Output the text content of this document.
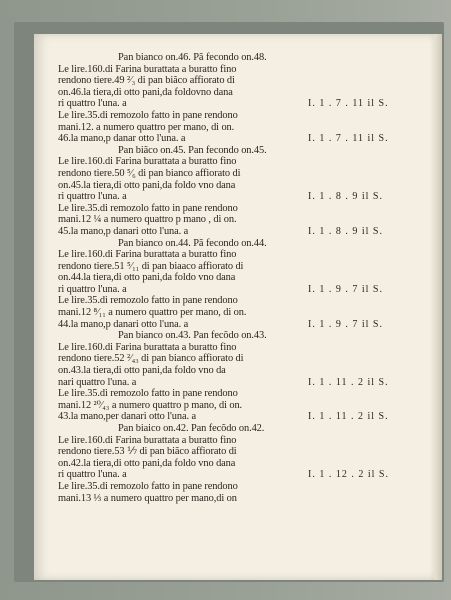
Pan bianco on.46. Pã fecondo on.48.
Le lire.160.di Farina burattata a buratto fino
rendono tiere.49 ²⁄₃ di pan biãco affiorato di
on.46.la tiera,di otto pani,da foldovno dana
ri quattro l'una. a	I. 1 . 7 . 11 il S.
Le lire.35.di remozolo fatto in pane rendono
mani.12. a numero quattro per mano, di on.
46.la mano,p danar otto l'una. a	I. 1 . 7 . 11 il S.
Pan biãco on.45. Pan fecondo on.45.
Le lire.160.di Farina burattata a buratto fino
rendono tiere.50 ⁵⁄₆ di pan bianco affiorato di
on.45.la tiera,di otto pani,da foldo vno dana
ri quattro l'una. a	I. 1 . 8 . 9 il S.
Le lire.35.di remozolo fatto in pane rendono
mani.12 ¼ a numero quattro p mano , di on.
45.la mano,p danari otto l'una. a	I. 1 . 8 . 9 il S.
Pan bianco on.44. Pã fecondo on.44.
Le lire.160.di Farina burattata a buratto fino
rendono tiere.51 ⁵⁄₁₁ di pan biaaco affiorato di
on.44.la tiera,di otto pani,da foldo vno dana
ri quattro l'una. a	I. 1 . 9 . 7 il S.
Le lire.35.di remozolo fatto in pane rendono
mani.12 ⁸⁄₁₁ a numero quattro per mano, di on.
44.la mano,p danari otto l'una. a	I. 1 . 9 . 7 il S.
Pan bianco on.43. Pan fecõdo on.43.
Le lire.160.di Farina burattata a buratto fino
rendono tiere.52 ²⁄₄₃ di pan bianco affiorato di
on.43.la tiera,di otto pani,da foldo vno da
nari quattro l'una. a	I. 1 . 11 . 2 il S.
Le lire.35.di remozolo fatto in pane rendono
mani.12 ²⁰⁄₄₃ a numero quattro p mano, di on.
43.la mano,per danari otto l'una. a	I. 1 . 11 . 2 il S.
Pan biaico on.42. Pan fecõdo on.42.
Le lire.160.di Farina burattata a buratto fino
rendono tiere.53 ⅐ di pan biãco affiorato di
on.42.la tiera,di otto pani,da foldo vno dana
ri quattro l'una. a	I. 1 . 12 . 2 il S.
Le lire.35.di remozolo fatto in pane rendono
mani.13 ⅓ a numero quattro per mano,di on
